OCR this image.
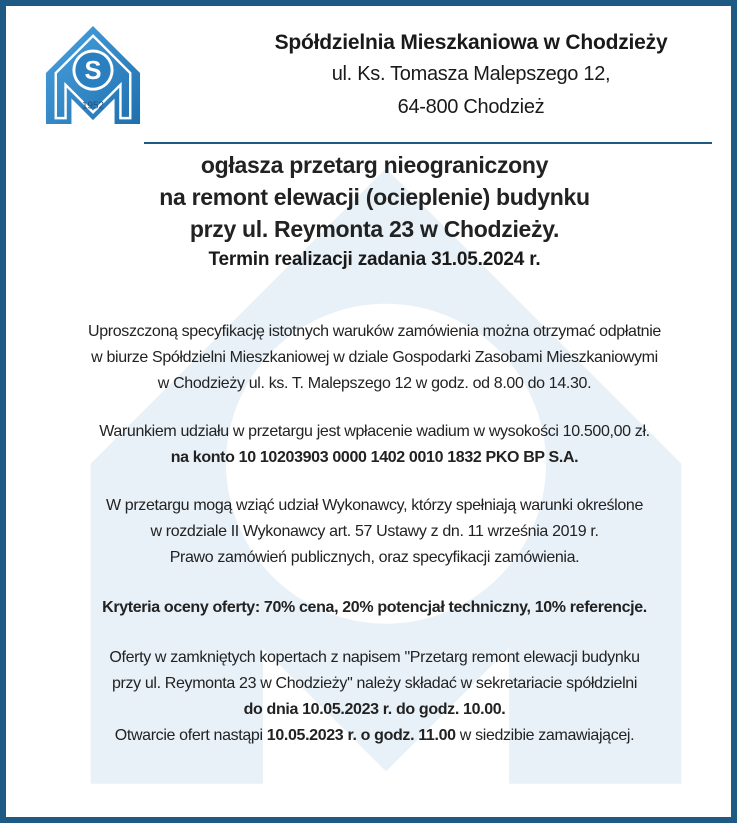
S
1952
Spółdzielnia Mieszkaniowa w Chodzieży
ul. Ks. Tomasza Malepszego 12,
64-800 Chodzież
ogłasza przetarg nieograniczony
na remont elewacji (ocieplenie) budynku
przy ul. Reymonta 23 w Chodzieży.
Termin realizacji zadania 31.05.2024 r.
Uproszczoną specyfikację istotnych waruków zamówienia można otrzymać odpłatnie
w biurze Spółdzielni Mieszkaniowej w dziale Gospodarki Zasobami Mieszkaniowymi
w Chodzieży ul. ks. T. Malepszego 12 w godz. od 8.00 do 14.30.
Warunkiem udziału w przetargu jest wpłacenie wadium w wysokości 10.500,00 zł.
na konto 10 10203903 0000 1402 0010 1832 PKO BP S.A.
W przetargu mogą wziąć udział Wykonawcy, którzy spełniają warunki określone
w rozdziale II Wykonawcy art. 57 Ustawy z dn. 11 września 2019 r.
Prawo zamówień publicznych, oraz specyfikacji zamówienia.
Kryteria oceny oferty: 70% cena, 20% potencjał techniczny, 10% referencje.
Oferty w zamkniętych kopertach z napisem "Przetarg remont elewacji budynku
przy ul. Reymonta 23 w Chodzieży" należy składać w sekretariacie spółdzielni
do dnia 10.05.2023 r. do godz. 10.00.
Otwarcie ofert nastąpi 10.05.2023 r. o godz. 11.00 w siedzibie zamawiającej.
